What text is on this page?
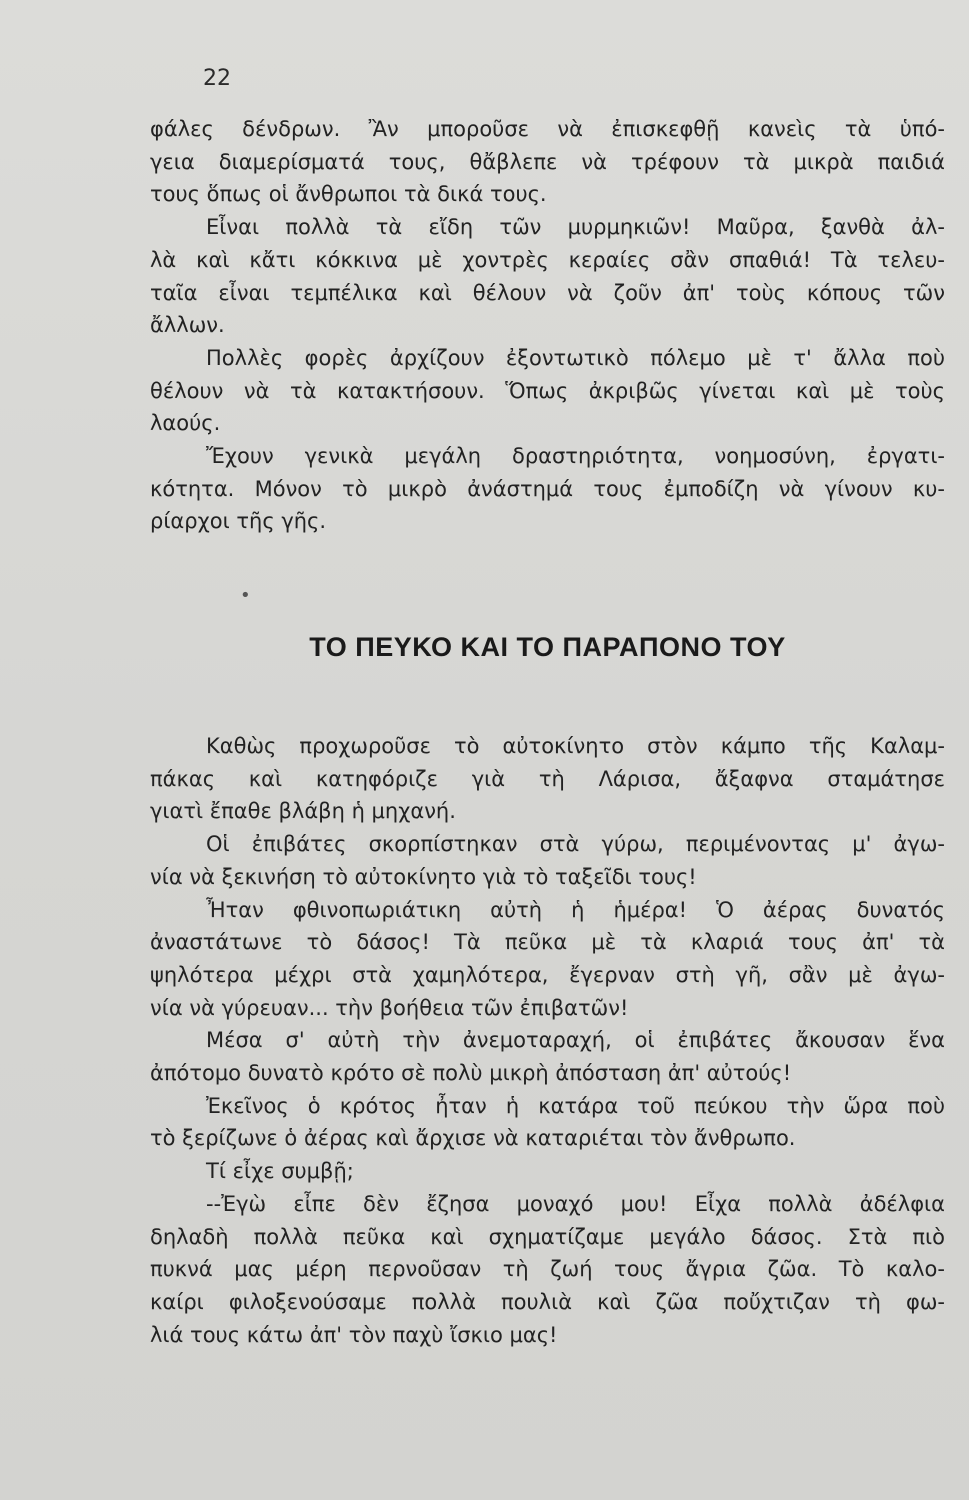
22
φάλες δένδρων. Ἂν μποροῦσε νὰ ἐπισκεφθῇ κανεὶς τὰ ὑπό-
γεια διαμερίσματά τους, θἄβλεπε νὰ τρέφουν τὰ μικρὰ παιδιά
τους ὅπως οἱ ἄνθρωποι τὰ δικά τους.
Εἶναι πολλὰ τὰ εἴδη τῶν μυρμηκιῶν! Μαῦρα, ξανθὰ ἀλ-
λὰ καὶ κἄτι κόκκινα μὲ χοντρὲς κεραίες σἂν σπαθιά! Τὰ τελευ-
ταῖα εἶναι τεμπέλικα καὶ θέλουν νὰ ζοῦν ἀπ' τοὺς κόπους τῶν
ἄλλων.
Πολλὲς φορὲς ἀρχίζουν ἐξοντωτικὸ πόλεμο μὲ τ' ἄλλα ποὺ
θέλουν νὰ τὰ κατακτήσουν. Ὅπως ἀκριβῶς γίνεται καὶ μὲ τοὺς
λαούς.
Ἔχουν γενικὰ μεγάλη δραστηριότητα, νοημοσύνη, ἐργατι-
κότητα. Μόνον τὸ μικρὸ ἀνάστημά τους ἐμποδίζη νὰ γίνουν κυ-
ρίαρχοι τῆς γῆς.
•
ΤΟ ΠΕΥΚΟ ΚΑΙ ΤΟ ΠΑΡΑΠΟΝΟ ΤΟΥ
Καθὼς προχωροῦσε τὸ αὐτοκίνητο στὸν κάμπο τῆς Καλαμ-
πάκας καὶ κατηφόριζε γιὰ τὴ Λάρισα, ἄξαφνα σταμάτησε
γιατὶ ἔπαθε βλάβη ἡ μηχανή.
Οἱ ἐπιβάτες σκορπίστηκαν στὰ γύρω, περιμένοντας μ' ἀγω-
νία νὰ ξεκινήση τὸ αὐτοκίνητο γιὰ τὸ ταξεῖδι τους!
Ἦταν φθινοπωριάτικη αὐτὴ ἡ ἡμέρα! Ὁ ἀέρας δυνατός
ἀναστάτωνε τὸ δάσος! Τὰ πεῦκα μὲ τὰ κλαριά τους ἀπ' τὰ
ψηλότερα μέχρι στὰ χαμηλότερα, ἔγερναν στὴ γῆ, σἂν μὲ ἀγω-
νία νὰ γύρευαν... τὴν βοήθεια τῶν ἐπιβατῶν!
Μέσα σ' αὐτὴ τὴν ἀνεμοταραχή, οἱ ἐπιβάτες ἄκουσαν ἕνα
ἀπότομο δυνατὸ κρότο σὲ πολὺ μικρὴ ἀπόσταση ἀπ' αὐτούς!
Ἐκεῖνος ὁ κρότος ἦταν ἡ κατάρα τοῦ πεύκου τὴν ὥρα ποὺ
τὸ ξερίζωνε ὁ ἀέρας καὶ ἄρχισε νὰ καταριέται τὸν ἄνθρωπο.
Τί εἶχε συμβῇ;
--Ἐγὼ εἶπε δὲν ἔζησα μοναχό μου! Εἶχα πολλὰ ἀδέλφια
δηλαδὴ πολλὰ πεῦκα καὶ σχηματίζαμε μεγάλο δάσος. Στὰ πιὸ
πυκνά μας μέρη περνοῦσαν τὴ ζωή τους ἄγρια ζῶα. Τὸ καλο-
καίρι φιλοξενούσαμε πολλὰ πουλιὰ καὶ ζῶα ποὔχτιζαν τὴ φω-
λιά τους κάτω ἀπ' τὸν παχὺ ἴσκιο μας!
